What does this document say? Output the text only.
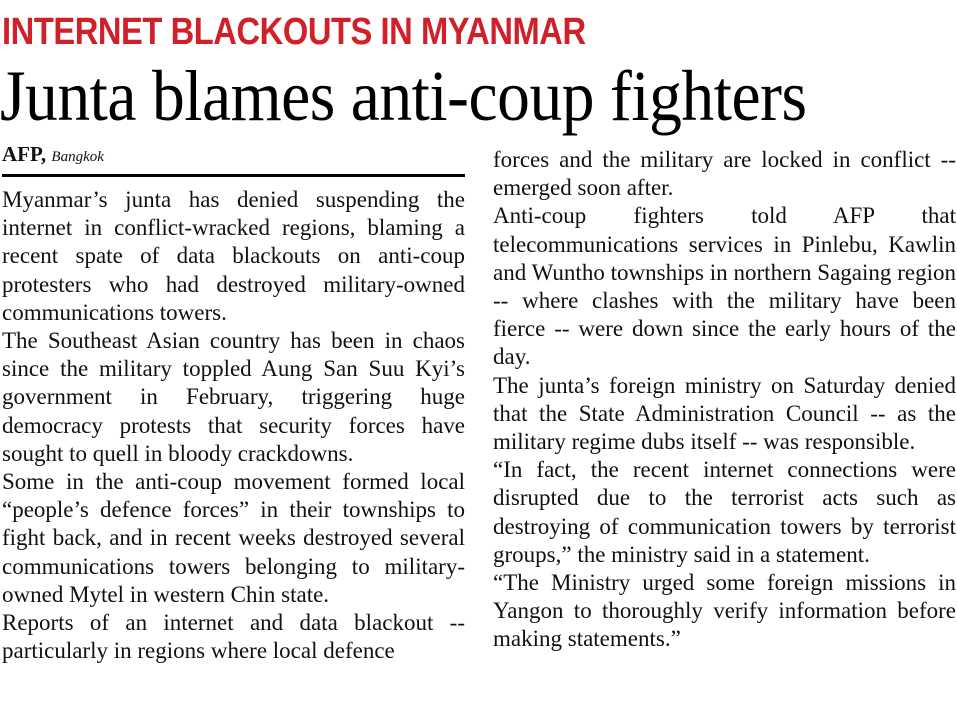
INTERNET BLACKOUTS IN MYANMAR
Junta blames anti-coup fighters
AFP, Bangkok

Myanmar’s junta has denied suspending the internet in conflict-wracked regions, blaming a recent spate of data blackouts on anti-coup protesters who had destroyed military-owned communications towers.

The Southeast Asian country has been in chaos since the military toppled Aung San Suu Kyi’s government in February, triggering huge democracy protests that security forces have sought to quell in bloody crackdowns.

Some in the anti-coup movement formed local “people’s defence forces” in their townships to fight back, and in recent weeks destroyed several communications towers belonging to military-owned Mytel in western Chin state.

Reports of an internet and data blackout -- particularly in regions where local defence

forces and the military are locked in conflict -- emerged soon after.

Anti-coup fighters told AFP that telecommunications services in Pinlebu, Kawlin and Wuntho townships in northern Sagaing region -- where clashes with the military have been fierce -- were down since the early hours of the day.

The junta’s foreign ministry on Saturday denied that the State Administration Council -- as the military regime dubs itself -- was responsible.

“In fact, the recent internet connections were disrupted due to the terrorist acts such as destroying of communication towers by terrorist groups,” the ministry said in a statement.

“The Ministry urged some foreign missions in Yangon to thoroughly verify information before making statements.”
